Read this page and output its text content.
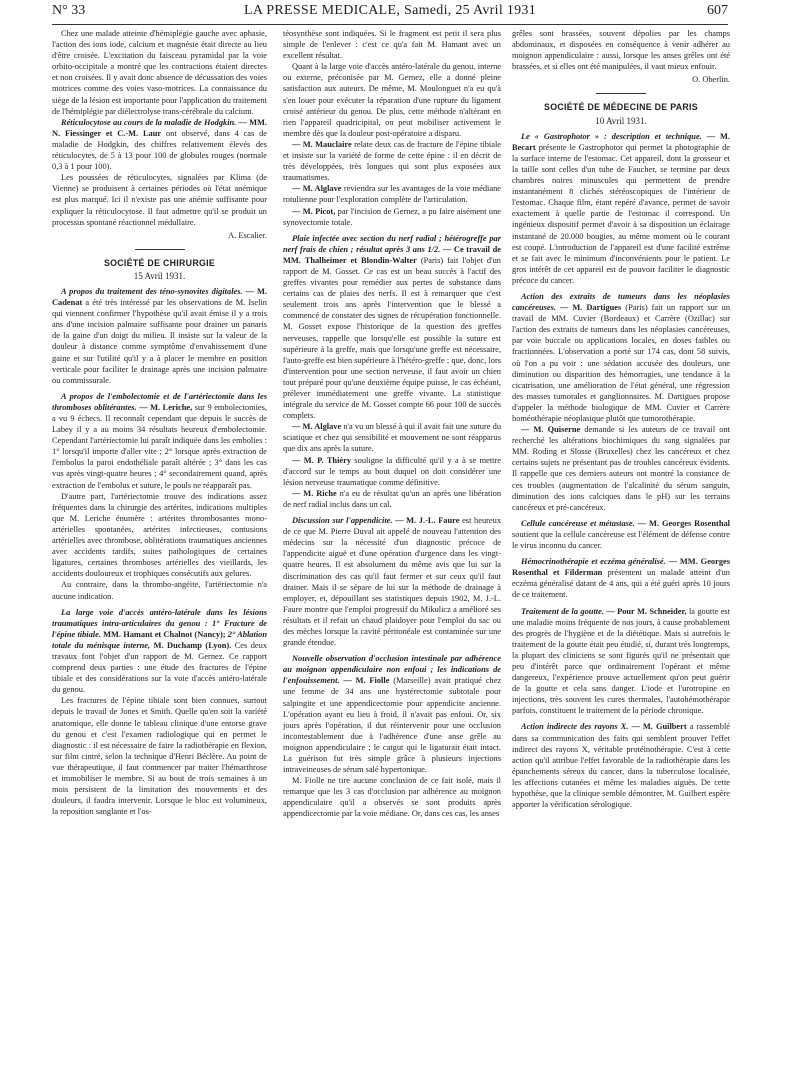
N° 33	LA PRESSE MEDICALE, Samedi, 25 Avril 1931	607

Chez une malade atteinte d'hémiplégie gauche avec aphasie, l'action des ions iode, calcium et magnésie était directe au lieu d'être croisée. L'excitation du faisceau pyramidal par la voie orbito-occipitale a montré que les contractions étaient directes et non croisées. Il y avait donc absence de décussation des voies motrices comme des voies vaso-motrices. La connaissance du siège de la lésion est importante pour l'application du traitement de l'hémiplégie par diélectrolyse trans-cérébrale du calcium.

Réticulocytose au cours de la maladie de Hodgkin. — MM. N. Fiessinger et C.-M. Laur ont observé, dans 4 cas de maladie de Hodgkin, des chiffres relativement élevés des réticulocytes, de 5 à 13 pour 100 de globules rouges (normale 0,3 à 1 pour 100).

Les poussées de réticulocytes, signalées par Klima (de Vienne) se produisent à certaines périodes où l'état anémique est plus marqué. Ici il n'existe pas une anémie suffisante pour expliquer la réticulocytose. Il faut admettre qu'il se produit un processus spontané réactionnel médullaire.

A. Escalier.

SOCIÉTÉ DE CHIRURGIE
15 Avril 1931.

A propos du traitement des téno-synovites digitales. — M. Cadenat a été très intéressé par les observations de M. Iselin qui viennent confirmer l'hypothèse qu'il avait émise il y a trois ans d'une incision palmaire suffisante pour drainer un panaris de la gaine d'un doigt du milieu. Il insiste sur la valeur de la douleur à distance comme symptôme d'envahissement d'une gaine et sur l'utilité qu'il y a à placer le membre en position verticale pour faciliter le drainage après une incision palmaire ou commissurale.

A propos de l'embolectomie et de l'artériectomie dans les thromboses oblitérantes. — M. Leriche, sur 9 embolectomies, a vu 9 échecs. Il reconnaît cependant que depuis le succès de Labey il y a au moins 34 résultats heureux d'embolectomie. Cependant l'artériectomie lui paraît indiquée dans les embolies : 1° lorsqu'il importe d'aller vite ; 2° lorsque après extraction de l'embolus la paroi endothéliale paraît altérée ; 3° dans les cas vus après vingt-quatre heures ; 4° secondairement quand, après extraction de l'embolus et suture, le pouls ne réapparaît pas.

D'autre part, l'artériectomie trouve des indications assez fréquentes dans la chirurgie des artérites, indications multiples que M. Leriche énumère : artérites thrombosantes mono-artérielles spontanées, artérites infectieuses, contusions artérielles avec thrombose, oblitérations traumatiques anciennes avec accidents tardifs, suites pathologiques de certaines ligatures, certaines thromboses artérielles des vieillards, les accidents douloureux et trophiques consécutifs aux gelures.

Au contraire, dans la thrombo-angéite, l'artériectomie n'a aucune indication.

La large voie d'accès antéro-latérale dans les lésions traumatiques intra-articulaires du genou : 1° Fracture de l'épine tibiale. MM. Hamant et Chalnot (Nancy); 2° Ablation totale du ménisque interne, M. Duchamp (Lyon). Ces deux travaux font l'objet d'un rapport de M. Gernez. Ce rapport comprend deux parties : une étude des fractures de l'épine tibiale et des considérations sur la voie d'accès antéro-latérale du genou.

Les fractures de l'épine tibiale sont bien connues, surtout depuis le travail de Jones et Smith. Quelle qu'en soit la variété anatomique, elle donne le tableau clinique d'une entorse grave du genou et c'est l'examen radiologique qui en permet le diagnostic : il est nécessaire de faire la radiothérapie en flexion, sur film cintré, selon la technique d'Henri Béclère. Au point de vue thérapeutique, il faut commencer par traiter l'hémarthrose et immobiliser le membre. Si au bout de trois semaines à un mois persistent de la limitation des mouvements et des douleurs, il faudra intervenir. Lorsque le bloc est volumineux, la reposition sanglante et l'os-

téosynthèse sont indiquées. Si le fragment est petit il sera plus simple de l'enlever : c'est ce qu'a fait M. Hamant avec un excellent résultat.

Quant à la large voie d'accès antéro-latérale du genou, interne ou externe, préconisée par M. Gernez, elle a donné pleine satisfaction aux auteurs. De même, M. Moulonguet n'a eu qu'à s'en louer pour exécuter la réparation d'une rupture du ligament croisé antérieur du genou. De plus, cette méthode n'altérant en rien l'appareil quadricipital, on peut mobiliser activement le membre dès que la douleur post-opératoire a disparu.

— M. Mauclaire relate deux cas de fracture de l'épine tibiale et insiste sur la variété de forme de cette épine : il en décrit de très développées, très longues qui sont plus exposées aux traumatismes.

— M. Alglave reviendra sur les avantages de la voie médiane rotulienne pour l'exploration complète de l'articulation.

— M. Picot, par l'incision de Gernez, a pu faire aisément une synovectomie totale.

Plaie infectée avec section du nerf radial ; hétérogreffe par nerf frais de chien ; résultat après 3 ans 1/2. — Ce travail de MM. Thalheimer et Blondin-Walter (Paris) fait l'objet d'un rapport de M. Gosset. Ce cas est un beau succès à l'actif des greffes vivantes pour remédier aux pertes de substance dans certains cas de plaies des nerfs. Il est à remarquer que c'est seulement trois ans après l'intervention que le blessé a commencé de constater des signes de récupération fonctionnelle. M. Gosset expose l'historique de la question des greffes nerveuses, rappelle que lorsqu'elle est possible la suture est supérieure à la greffe, mais que lorsqu'une greffe est nécessaire, l'auto-greffe est bien supérieure à l'hétéro-greffe ; que, donc, lors d'intervention pour une section nerveuse, il faut avoir un chien tout préparé pour qu'une deuxième équipe puisse, le cas échéant, prélever immédiatement une greffe vivante. La statistique intégrale du service de M. Gosset compte 66 pour 100 de succès complets.

— M. Alglave n'a vu un blessé à qui il avait fait une suture du sciatique et chez qui sensibilité et mouvement ne sont réapparus que dix ans après la suture.

— M. P. Thiéry souligne la difficulté qu'il y a à se mettre d'accord sur le temps au bout duquel on doit considérer une lésion nerveuse traumatique comme définitive.

— M. Riche n'a eu de résultat qu'un an après une libération de nerf radial inclus dans un cal.

Discussion sur l'appendicite. — M. J.-L. Faure est heureux de ce que M. Pierre Duval ait appelé de nouveau l'attention des médecins sur la nécessité d'un diagnostic précoce de l'appendicite aiguë et d'une opération d'urgence dans les vingt-quatre heures. Il est absolument du même avis que lui sur la discrimination des cas qu'il faut fermer et sur ceux qu'il faut drainer. Mais il se sépare de lui sur la méthode de drainage à employer, et, dépouillant ses statistiques depuis 1902, M. J.-L. Faure montre que l'emploi progressif du Mikulicz a amélioré ses résultats et il refait un chaud plaidoyer pour l'emploi du sac ou des mèches lorsque la cavité péritonéale est contaminée sur une grande étendue.

Nouvelle observation d'occlusion intestinale par adhérence au moignon appendiculaire non enfoui ; les indications de l'enfouissement. — M. Fiolle (Marseille) avait pratiqué chez une femme de 34 ans une hystérectomie subtotale pour salpingite et une appendicectomie pour appendicite ancienne. L'opération ayant eu lieu à froid, il n'avait pas enfoui. Or, six jours après l'opération, il dut réintervenir pour une occlusion incontestablement due à l'adhérence d'une anse grêle au moignon appendiculaire ; le catgut qui le ligaturait était intact. La guérison fut très simple grâce à plusieurs injections intraveineuses de sérum salé hypertonique.

M. Fiolle ne tire aucune conclusion de ce fait isolé, mais il remarque que les 3 cas d'occlusion par adhérence au moignon appendiculaire qu'il a observés se sont produits après appendicectomie par la voie médiane. Or, dans ces cas, les anses

grêles sont brassées, souvent dépolies par les champs abdominaux, et disposées en conséquence à venir adhérer au moignon appendiculaire : aussi, lorsque les anses grêles ont été brassées, et si elles ont été manipulées, il vaut mieux enfouir.

O. Oberlin.

SOCIÉTÉ DE MÉDECINE DE PARIS
10 Avril 1931.

Le « Gastrophotor » : description et technique. — M. Becart présente le Gastrophotor qui permet la photographie de la surface interne de l'estomac. Cet appareil, dont la grosseur et la taille sont celles d'un tube de Faucher, se termine par deux chambres noires minuscules qui permettent de prendre instantanément 8 clichés stéréoscopiques de l'intérieur de l'estomac. Chaque film, étant repéré d'avance, permet de savoir exactement à quelle partie de l'estomac il correspond. Un ingénieux dispositif permet d'avoir à sa disposition un éclairage instantané de 20.000 bougies, au même moment où le courant est coupé. L'introduction de l'appareil est d'une facilité extrême et se fait avec le minimum d'inconvénients pour le patient. Le gros intérêt de cet appareil est de pouvoir faciliter le diagnostic précoce du cancer.

Action des extraits de tumeurs dans les néoplasies cancéreuses. — M. Dartigues (Paris) fait un rapport sur un travail de MM. Cuvier (Bordeaux) et Carrère (Ozillac) sur l'action des extraits de tumeurs dans les néoplasies cancéreuses, par voie buccale ou applications locales, en doses faibles ou fractionnées. L'observation a porté sur 174 cas, dont 58 suivis, où l'on a pu voir : une sédation accusée des douleurs, une diminution ou disparition des hémorragies, une tendance à la cicatrisation, une amélioration de l'état général, une régression des masses tumorales et ganglionnaires. M. Dartigues propose d'appeler la méthode biologique de MM. Cuvier et Carrère homéothérapie néoplasique plutôt que tumorothérapie.

— M. Quiserne demande si les auteurs de ce travail ont recherché les altérations biochimiques du sang signalées par MM. Roding et Slosse (Bruxelles) chez les cancéreux et chez certains sujets ne présentant pas de troubles cancéreux évidents. Il rappelle que ces derniers auteurs ont montré la constance de ces troubles (augmentation de l'alcalinité du sérum sanguin, diminution des ions calciques dans le pH) sur les terrains cancéreux et pré-cancéreux.

Cellule cancéreuse et métastase. — M. Georges Rosenthal soutient que la cellule cancéreuse est l'élément de défense contre le virus inconnu du cancer.

Hémocrinothérapie et eczéma généralisé. — MM. Georges Rosenthal et Filderman présentent un malade atteint d'un eczéma généralisé datant de 4 ans, qui a été guéri après 10 jours de ce traitement.

Traitement de la goutte. — Pour M. Schneider, la goutte est une maladie moins fréquente de nos jours, à cause probablement des progrès de l'hygiène et de la diététique. Mais si autrefois le traitement de la goutte était peu étudié, si, durant très longtemps, la plupart des cliniciens se sont figurés qu'il ne présentait que peu d'intérêt parce que ordinairement l'opérant et même dangereux, l'expérience prouve actuellement qu'on peut guérir de la goutte et cela sans danger. L'iode et l'urotropine en injections, très souvent les cures thermales, l'autohémothérapie parfois, constituent le traitement de la période chronique.

Action indirecte des rayons X. — M. Guilbert a rassemblé dans sa communication des faits qui semblent prouver l'effet indirect des rayons X, véritable protéinothérapie. C'est à cette action qu'il attribue l'effet favorable de la radiothérapie dans les épanchements séreux du cancer, dans la tuberculose localisée, les affections cutanées et même les maladies aiguës. De cette hypothèse, que la clinique semble démontrer, M. Guilbert espère apporter la vérification sérologique.
